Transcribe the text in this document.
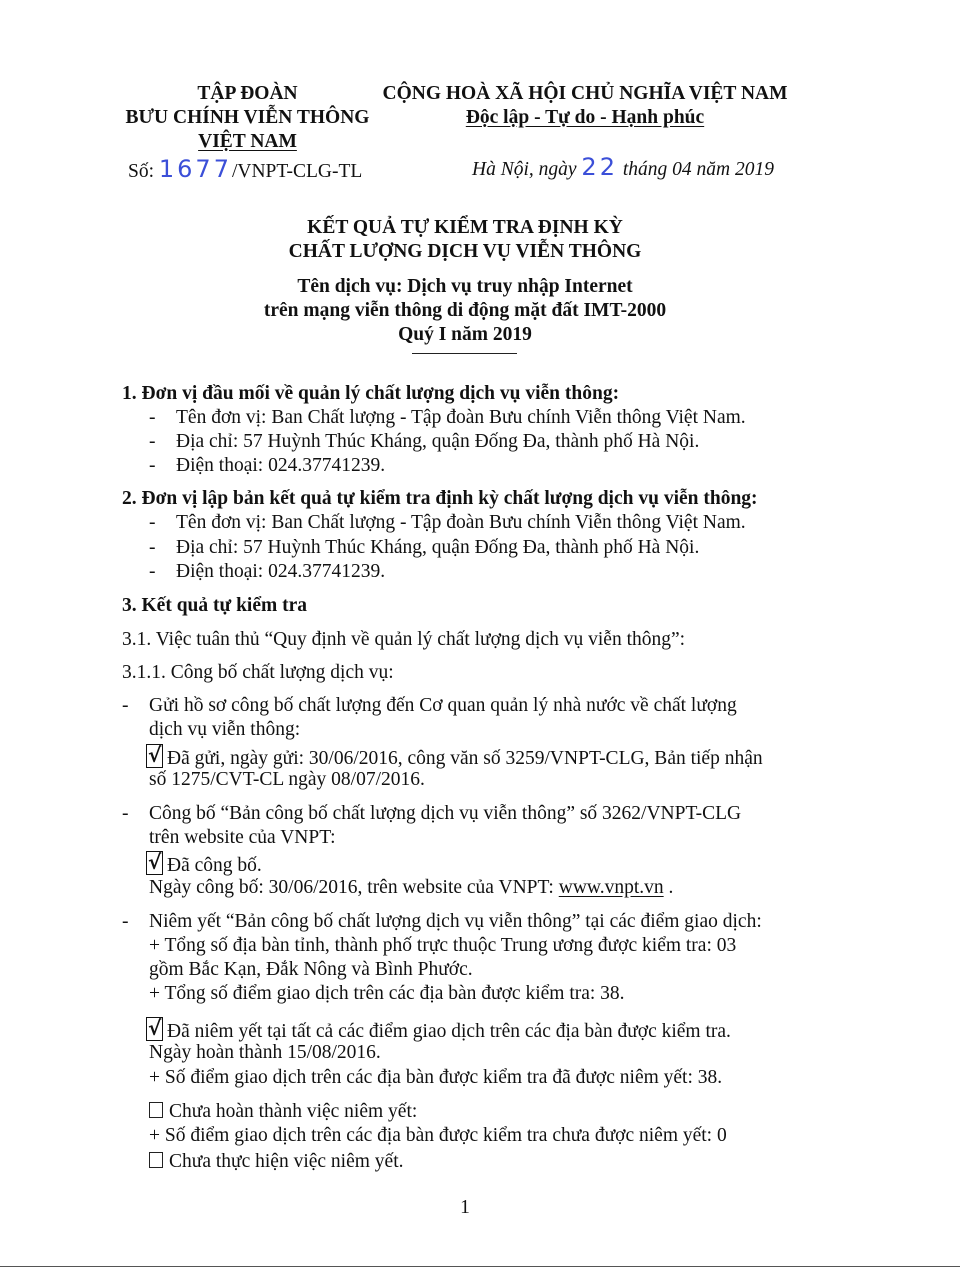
TẬP ĐOÀN
BƯU CHÍNH VIỄN THÔNG
VIỆT NAM
CỘNG HOÀ XÃ HỘI CHỦ NGHĨA VIỆT NAM
Độc lập - Tự do - Hạnh phúc
Số: 1677/VNPT-CLG-TL	Hà Nội, ngày 22 tháng 04 năm 2019
KẾT QUẢ TỰ KIỂM TRA ĐỊNH KỲ
CHẤT LƯỢNG DỊCH VỤ VIỄN THÔNG
Tên dịch vụ: Dịch vụ truy nhập Internet
trên mạng viễn thông di động mặt đất IMT-2000
Quý I năm 2019
1. Đơn vị đầu mối về quản lý chất lượng dịch vụ viễn thông:
- Tên đơn vị: Ban Chất lượng - Tập đoàn Bưu chính Viễn thông Việt Nam.
- Địa chỉ: 57 Huỳnh Thúc Kháng, quận Đống Đa, thành phố Hà Nội.
- Điện thoại: 024.37741239.
2. Đơn vị lập bản kết quả tự kiểm tra định kỳ chất lượng dịch vụ viễn thông:
- Tên đơn vị: Ban Chất lượng - Tập đoàn Bưu chính Viễn thông Việt Nam.
- Địa chỉ: 57 Huỳnh Thúc Kháng, quận Đống Đa, thành phố Hà Nội.
- Điện thoại: 024.37741239.
3. Kết quả tự kiểm tra
3.1. Việc tuân thủ “Quy định về quản lý chất lượng dịch vụ viễn thông”:
3.1.1. Công bố chất lượng dịch vụ:
- Gửi hồ sơ công bố chất lượng đến Cơ quan quản lý nhà nước về chất lượng
dịch vụ viễn thông:
√Đã gửi, ngày gửi: 30/06/2016, công văn số 3259/VNPT-CLG, Bản tiếp nhận
số 1275/CVT-CL ngày 08/07/2016.
- Công bố “Bản công bố chất lượng dịch vụ viễn thông” số 3262/VNPT-CLG
trên website của VNPT:
√Đã công bố.
Ngày công bố: 30/06/2016, trên website của VNPT: www.vnpt.vn .
- Niêm yết “Bản công bố chất lượng dịch vụ viễn thông” tại các điểm giao dịch:
+ Tổng số địa bàn tỉnh, thành phố trực thuộc Trung ương được kiểm tra: 03
gồm Bắc Kạn, Đắk Nông và Bình Phước.
+ Tổng số điểm giao dịch trên các địa bàn được kiểm tra: 38.
√Đã niêm yết tại tất cả các điểm giao dịch trên các địa bàn được kiểm tra.
Ngày hoàn thành 15/08/2016.
+ Số điểm giao dịch trên các địa bàn được kiểm tra đã được niêm yết: 38.
Chưa hoàn thành việc niêm yết:
+ Số điểm giao dịch trên các địa bàn được kiểm tra chưa được niêm yết: 0
Chưa thực hiện việc niêm yết.
1
